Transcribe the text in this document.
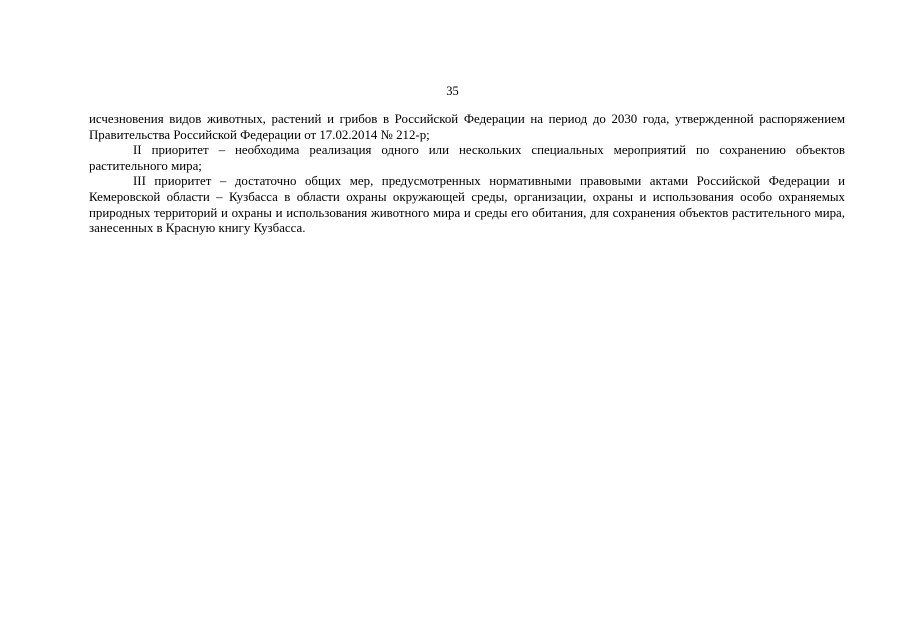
35

исчезновения видов животных, растений и грибов в Российской Федерации на период до 2030 года, утвержденной распоряжением Правительства Российской Федерации от 17.02.2014 № 212-р;

II приоритет – необходима реализация одного или нескольких специальных мероприятий по сохранению объектов растительного мира;

III приоритет – достаточно общих мер, предусмотренных нормативными правовыми актами Российской Федерации и Кемеровской области – Кузбасса в области охраны окружающей среды, организации, охраны и использования особо охраняемых природных территорий и охраны и использования животного мира и среды его обитания, для сохранения объектов растительного мира, занесенных в Красную книгу Кузбасса.
